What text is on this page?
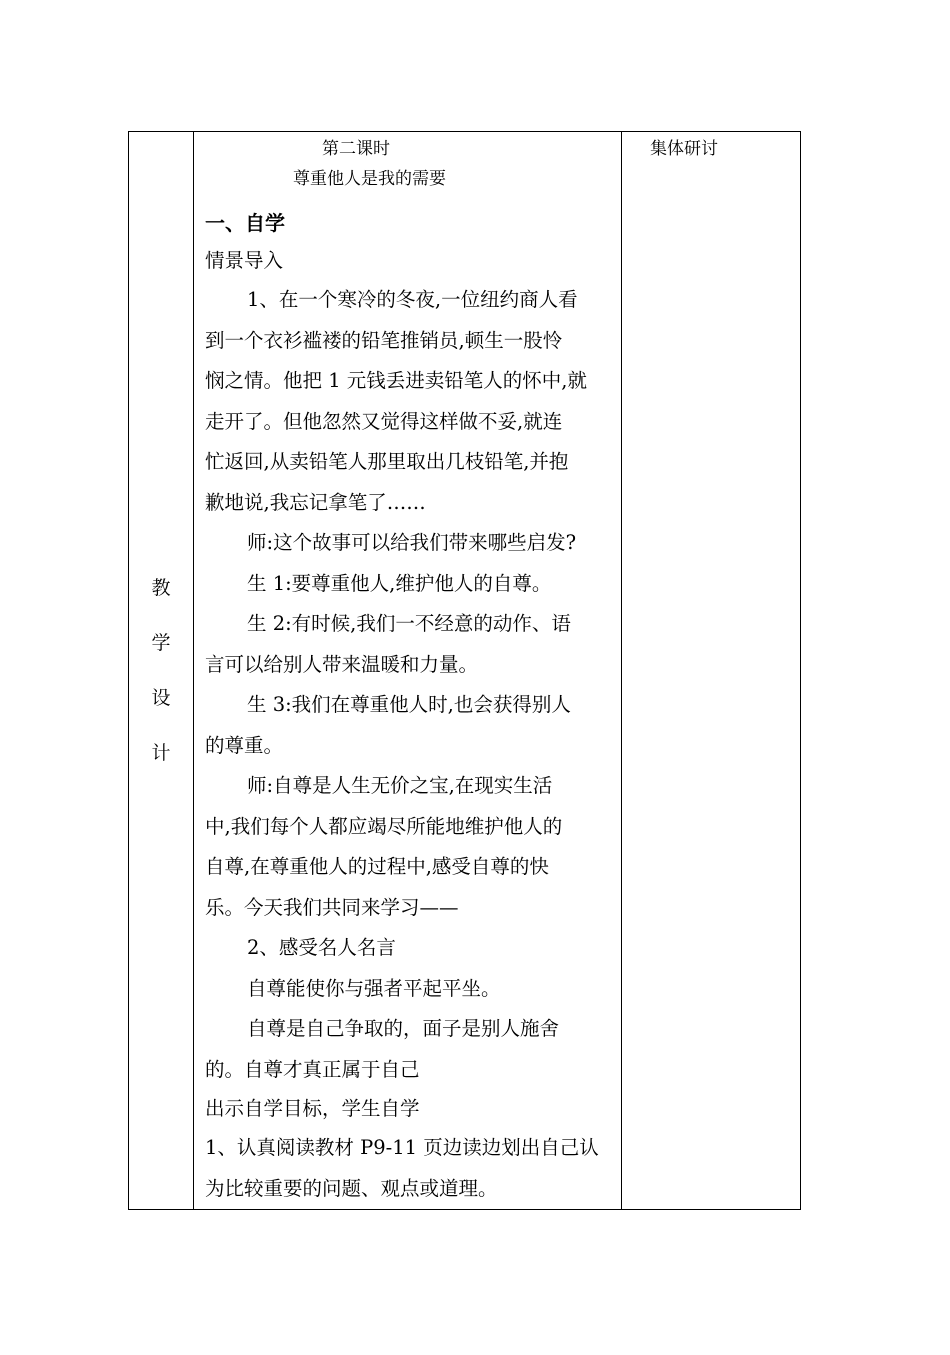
教
学
设
计

第二课时
尊重他人是我的需要
一、自学
情景导入
1、在一个寒冷的冬夜,一位纽约商人看
到一个衣衫褴褛的铅笔推销员,顿生一股怜
悯之情。他把 1 元钱丢进卖铅笔人的怀中,就
走开了。但他忽然又觉得这样做不妥,就连
忙返回,从卖铅笔人那里取出几枝铅笔,并抱
歉地说,我忘记拿笔了……
师:这个故事可以给我们带来哪些启发?
生 1:要尊重他人,维护他人的自尊。
生 2:有时候,我们一不经意的动作、语
言可以给别人带来温暖和力量。
生 3:我们在尊重他人时,也会获得别人
的尊重。
师:自尊是人生无价之宝,在现实生活
中,我们每个人都应竭尽所能地维护他人的
自尊,在尊重他人的过程中,感受自尊的快
乐。今天我们共同来学习——
2、感受名人名言
自尊能使你与强者平起平坐。
自尊是自己争取的，面子是别人施舍
的。自尊才真正属于自己
出示自学目标，学生自学
1、认真阅读教材 P9-11 页边读边划出自己认
为比较重要的问题、观点或道理。

集体研讨
